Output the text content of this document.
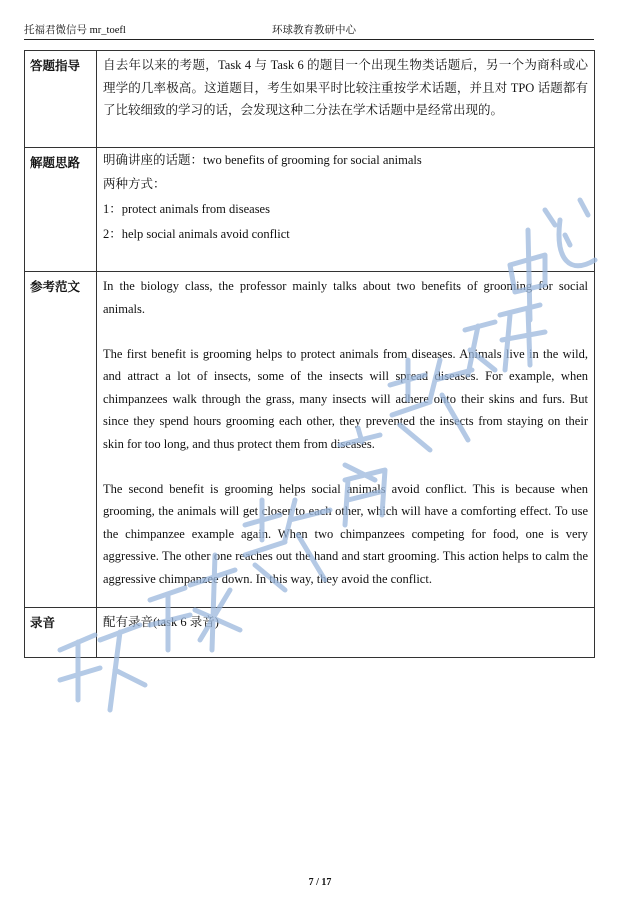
托福君微信号 mr_toefl	环球教育教研中心
答题指导	自去年以来的考题，Task 4 与 Task 6 的题目一个出现生物类话题后，另一个为商科或心理学的几率极高。这道题目，考生如果平时比较注重按学术话题，并且对 TPO 话题都有了比较细致的学习的话，会发现这种二分法在学术话题中是经常出现的。

解题思路	明确讲座的话题：two benefits of grooming for social animals
两种方式：
1：protect animals from diseases
2：help social animals avoid conflict

参考范文	In the biology class, the professor mainly talks about two benefits of grooming for social animals.
The first benefit is grooming helps to protect animals from diseases. Animals live in the wild, and attract a lot of insects, some of the insects will spread diseases. For example, when chimpanzees walk through the grass, many insects will adhere onto their skins and furs. But since they spend hours grooming each other, they prevented the insects from staying on their skin for too long, and thus protect them from diseases.
The second benefit is grooming helps social animals avoid conflict. This is because when grooming, the animals will get closer to each other, which will have a comforting effect. To use the chimpanzee example again. When two chimpanzees competing for food, one is very aggressive. The other one reaches out the hand and start grooming. This action helps to calm the aggressive chimpanzee down. In this way, they avoid the conflict.

录音	配有录音(task 6 录音)
7 / 17
